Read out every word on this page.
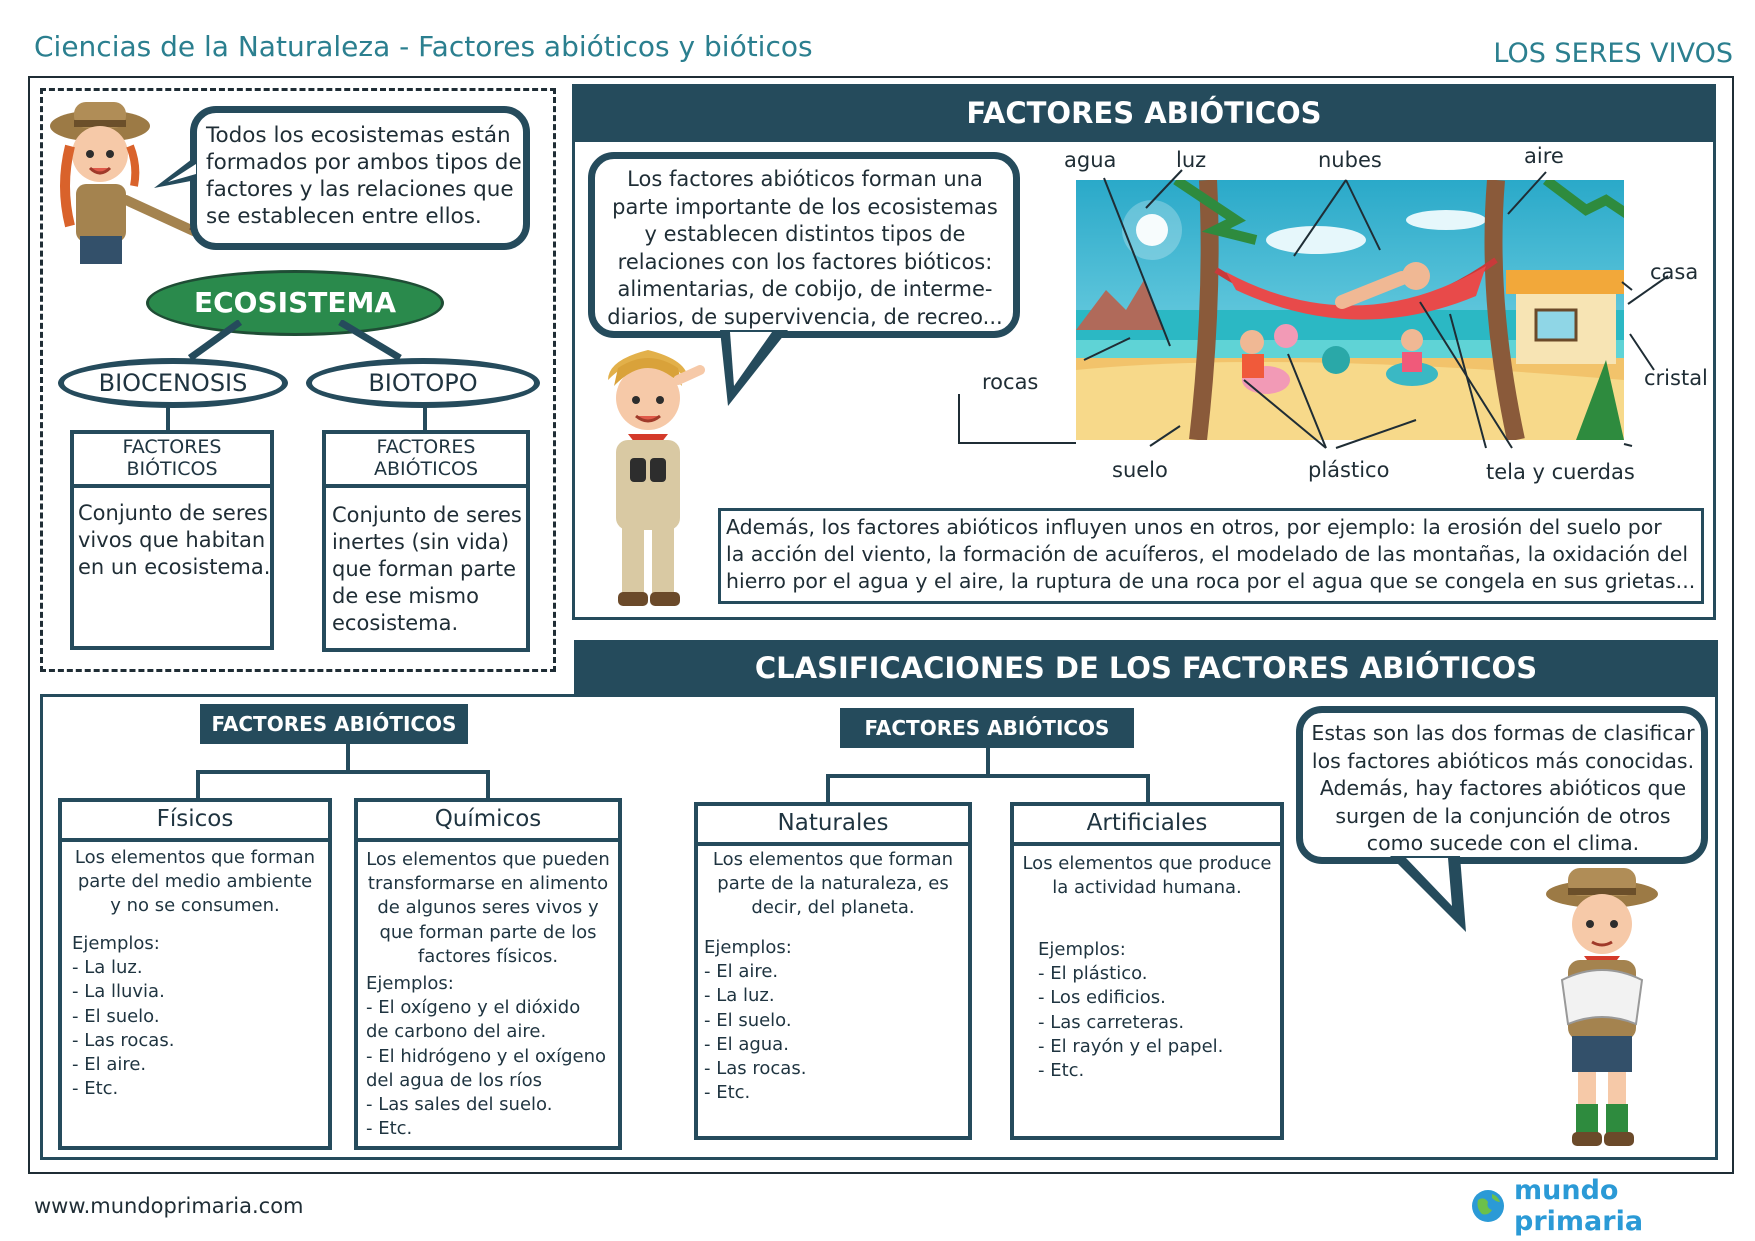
Ciencias de la Naturaleza - Factores abióticos y bióticos	LOS SERES VIVOS
Todos los ecosistemas están
formados por ambos tipos de
factores y las relaciones que
se establecen entre ellos.
ECOSISTEMA
BIOCENOSIS	BIOTOPO
FACTORES
BIÓTICOS
Conjunto de seres
vivos que habitan
en un ecosistema.
FACTORES
ABIÓTICOS
Conjunto de seres
inertes (sin vida)
que forman parte
de ese mismo
ecosistema.
FACTORES ABIÓTICOS
Los factores abióticos forman una
parte importante de los ecosistemas
y establecen distintos tipos de
relaciones con los factores bióticos:
alimentarias, de cobijo, de interme-
diarios, de supervivencia, de recreo...
agua	luz	nubes	aire
casa
cristal
rocas
suelo	plástico	tela y cuerdas
Además, los factores abióticos influyen unos en otros, por ejemplo: la erosión del suelo por
la acción del viento, la formación de acuíferos, el modelado de las montañas, la oxidación del
hierro por el agua y el aire, la ruptura de una roca por el agua que se congela en sus grietas...
CLASIFICACIONES DE LOS FACTORES ABIÓTICOS
FACTORES ABIÓTICOS
Físicos
Los elementos que forman
parte del medio ambiente
y no se consumen.
Ejemplos:
- La luz.
- La lluvia.
- El suelo.
- Las rocas.
- El aire.
- Etc.
Químicos
Los elementos que pueden
transformarse en alimento
de algunos seres vivos y
que forman parte de los
factores físicos.
Ejemplos:
- El oxígeno y el dióxido
de carbono del aire.
- El hidrógeno y el oxígeno
del agua de los ríos
- Las sales del suelo.
- Etc.
FACTORES ABIÓTICOS
Naturales
Los elementos que forman
parte de la naturaleza, es
decir, del planeta.
Ejemplos:
- El aire.
- La luz.
- El suelo.
- El agua.
- Las rocas.
- Etc.
Artificiales
Los elementos que produce
la actividad humana.
Ejemplos:
- El plástico.
- Los edificios.
- Las carreteras.
- El rayón y el papel.
- Etc.
Estas son las dos formas de clasificar
los factores abióticos más conocidas.
Además, hay factores abióticos que
surgen de la conjunción de otros
como sucede con el clima.
www.mundoprimaria.com	mundo primaria
